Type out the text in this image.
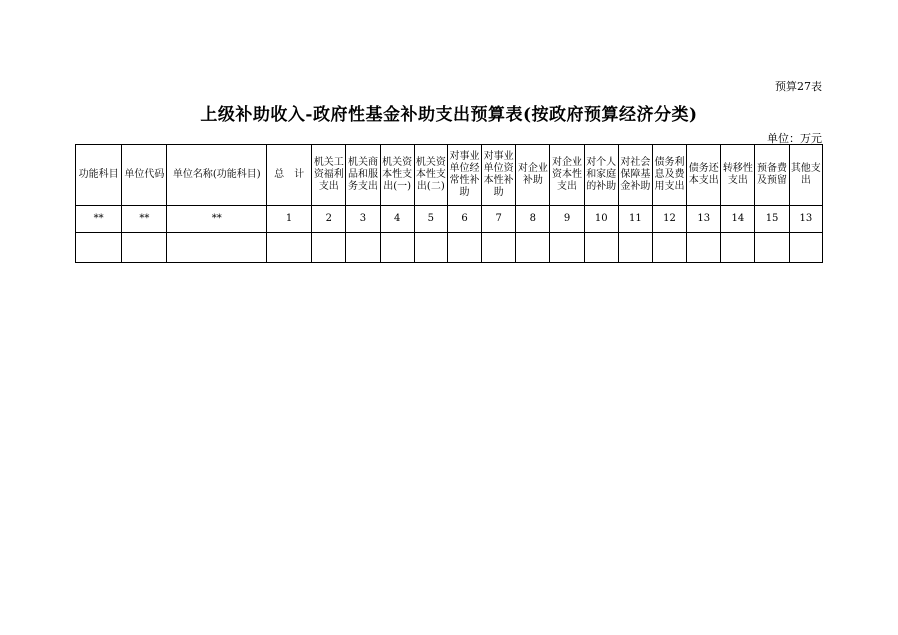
预算27表
上级补助收入-政府性基金补助支出预算表(按政府预算经济分类)
单位：万元
功能科目	单位代码	单位名称(功能科目)	总　计	机关工资福利支出	机关商品和服务支出	机关资本性支出(一)	机关资本性支出(二)	对事业单位经常性补助	对事业单位资本性补助	对企业补助	对企业资本性支出	对个人和家庭的补助	对社会保障基金补助	债务利息及费用支出	债务还本支出	转移性支出	预备费及预留	其他支出
**	**	**	1	2	3	4	5	6	7	8	9	10	11	12	13	14	15	13
